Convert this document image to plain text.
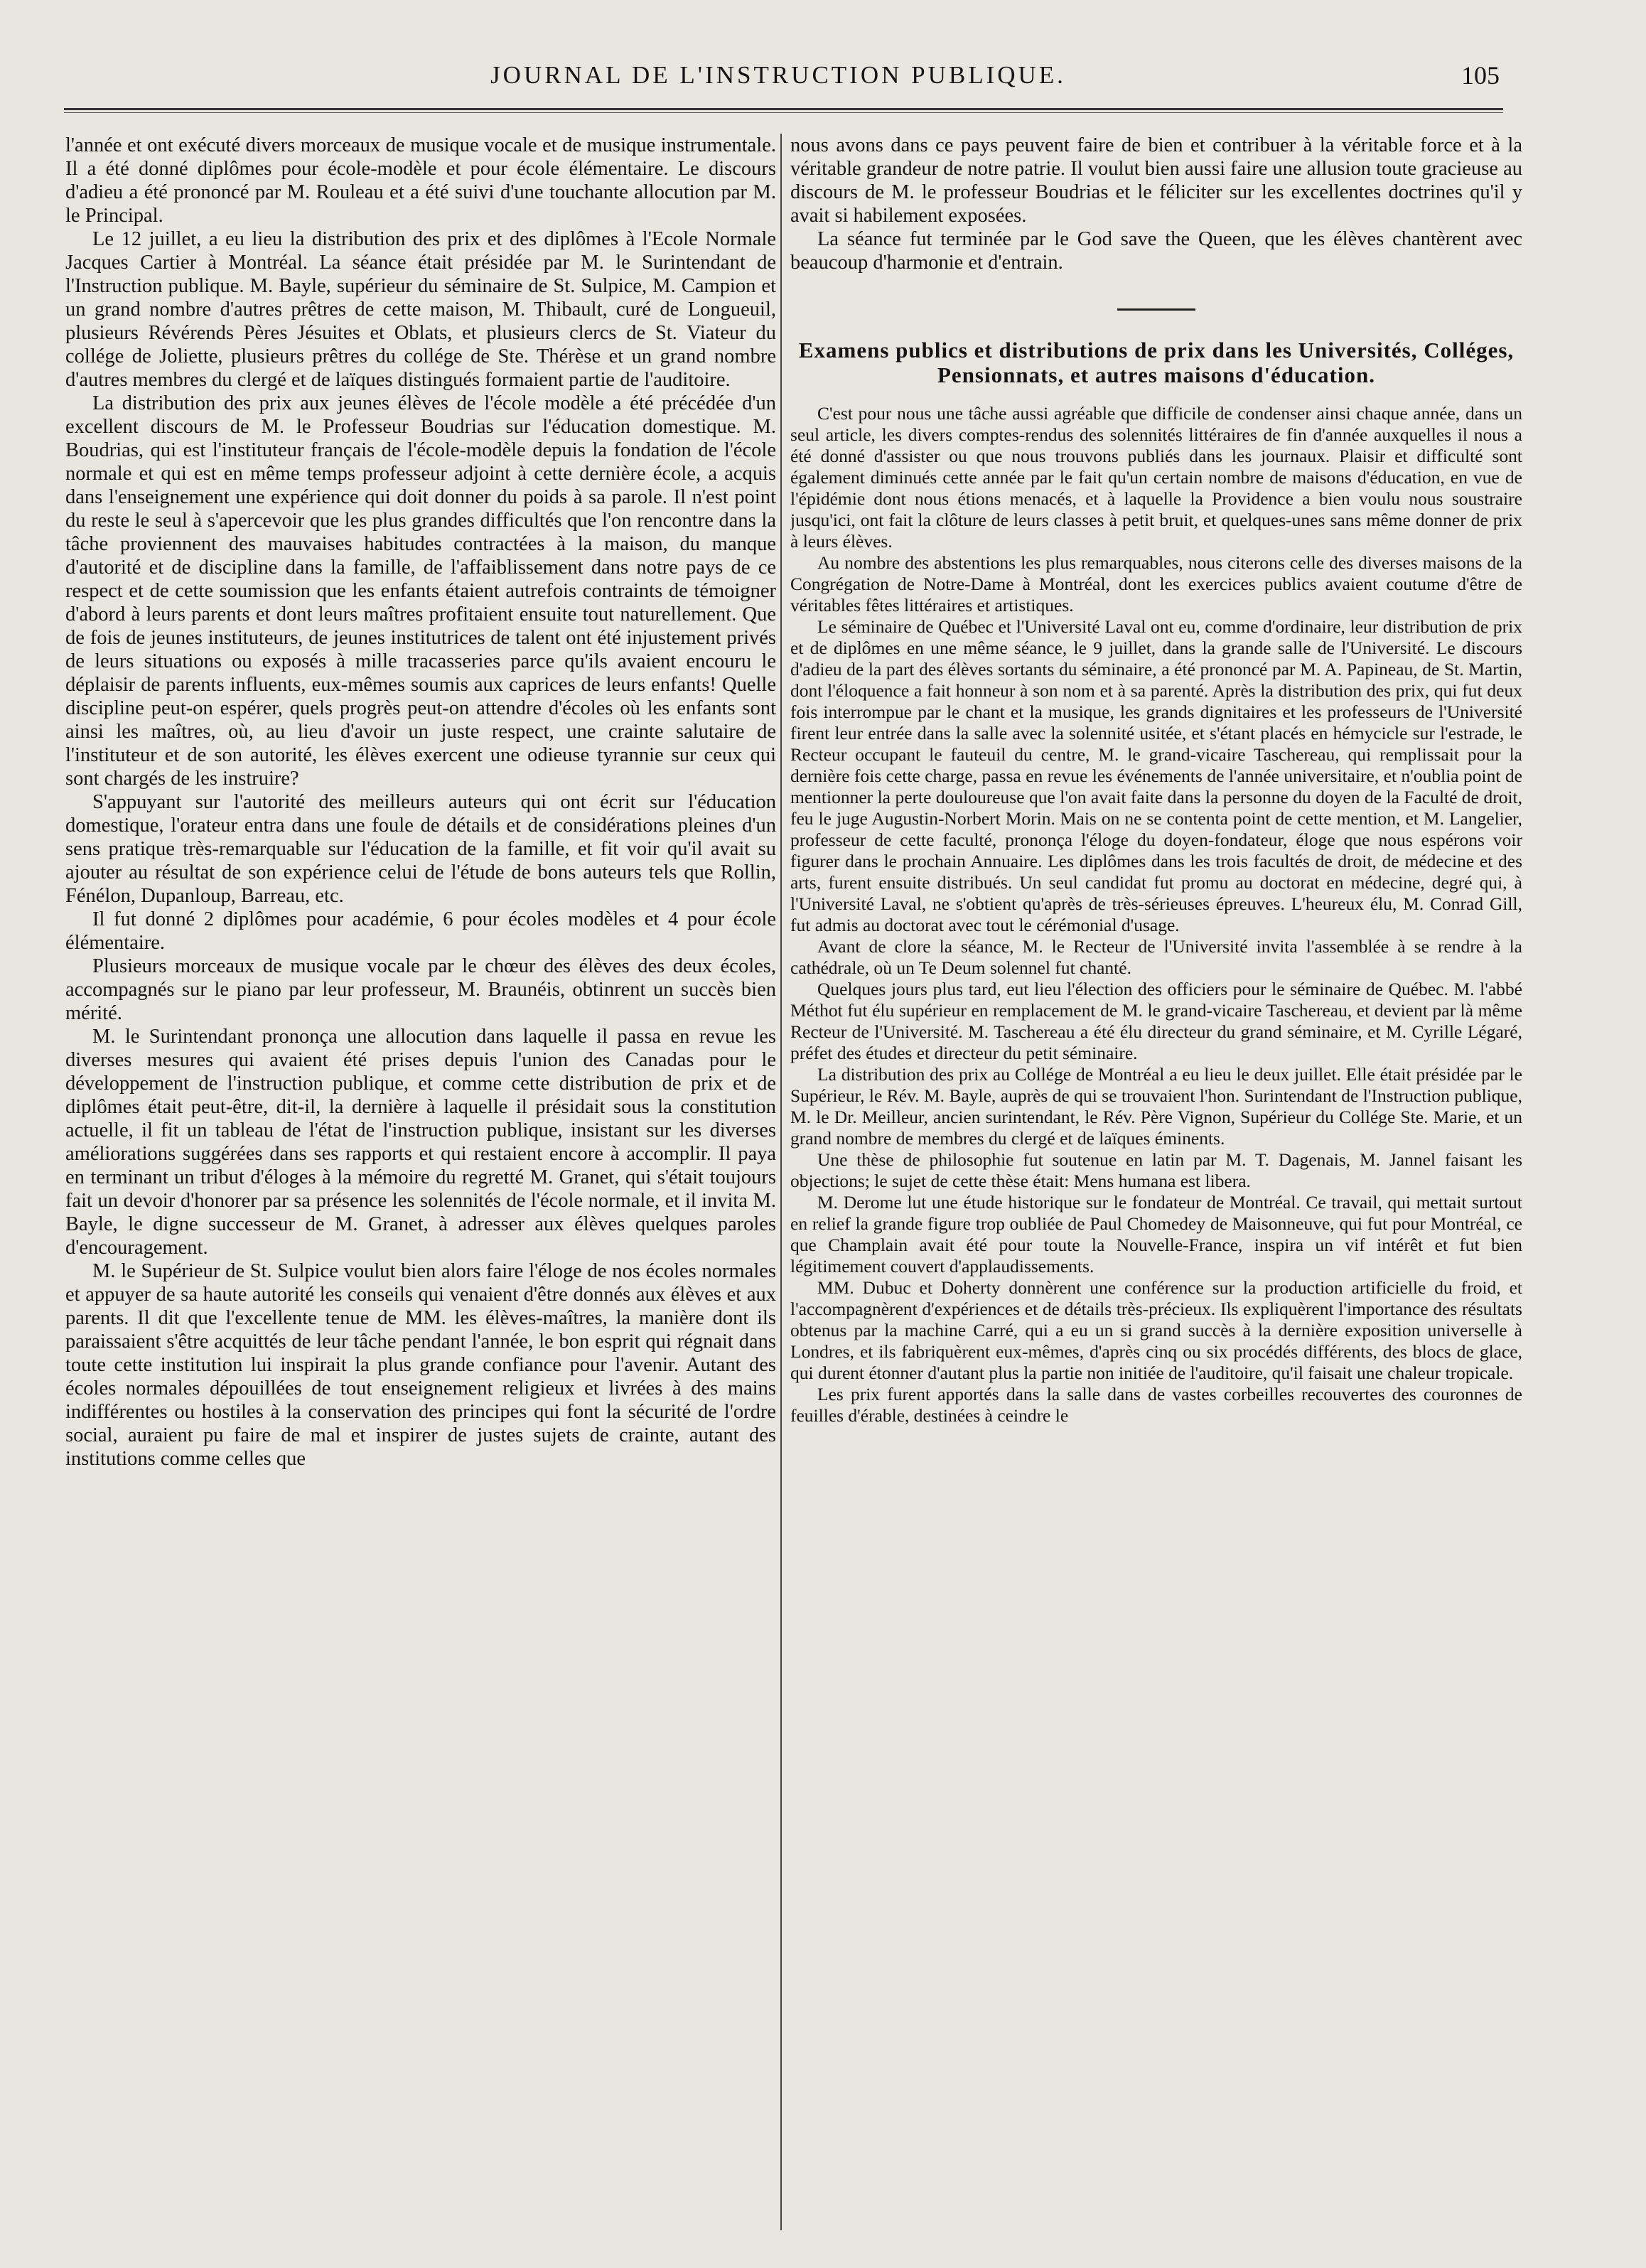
JOURNAL DE L'INSTRUCTION PUBLIQUE.	105

l'année et ont exécuté divers morceaux de musique vocale et de musique instrumentale. Il a été donné diplômes pour école-modèle et pour école élémentaire. Le discours d'adieu a été prononcé par M. Rouleau et a été suivi d'une touchante allocution par M. le Principal.

Le 12 juillet, a eu lieu la distribution des prix et des diplômes à l'Ecole Normale Jacques Cartier à Montréal. La séance était présidée par M. le Surintendant de l'Instruction publique. M. Bayle, supérieur du séminaire de St. Sulpice, M. Campion et un grand nombre d'autres prêtres de cette maison, M. Thibault, curé de Longueuil, plusieurs Révérends Pères Jésuites et Oblats, et plusieurs clercs de St. Viateur du collége de Joliette, plusieurs prêtres du collége de Ste. Thérèse et un grand nombre d'autres membres du clergé et de laïques distingués formaient partie de l'auditoire.

La distribution des prix aux jeunes élèves de l'école modèle a été précédée d'un excellent discours de M. le Professeur Boudrias sur l'éducation domestique. M. Boudrias, qui est l'instituteur français de l'école-modèle depuis la fondation de l'école normale et qui est en même temps professeur adjoint à cette dernière école, a acquis dans l'enseignement une expérience qui doit donner du poids à sa parole. Il n'est point du reste le seul à s'apercevoir que les plus grandes difficultés que l'on rencontre dans la tâche proviennent des mauvaises habitudes contractées à la maison, du manque d'autorité et de discipline dans la famille, de l'affaiblissement dans notre pays de ce respect et de cette soumission que les enfants étaient autrefois contraints de témoigner d'abord à leurs parents et dont leurs maîtres profitaient ensuite tout naturellement. Que de fois de jeunes instituteurs, de jeunes institutrices de talent ont été injustement privés de leurs situations ou exposés à mille tracasseries parce qu'ils avaient encouru le déplaisir de parents influents, eux-mêmes soumis aux caprices de leurs enfants! Quelle discipline peut-on espérer, quels progrès peut-on attendre d'écoles où les enfants sont ainsi les maîtres, où, au lieu d'avoir un juste respect, une crainte salutaire de l'instituteur et de son autorité, les élèves exercent une odieuse tyrannie sur ceux qui sont chargés de les instruire?

S'appuyant sur l'autorité des meilleurs auteurs qui ont écrit sur l'éducation domestique, l'orateur entra dans une foule de détails et de considérations pleines d'un sens pratique très-remarquable sur l'éducation de la famille, et fit voir qu'il avait su ajouter au résultat de son expérience celui de l'étude de bons auteurs tels que Rollin, Fénélon, Dupanloup, Barreau, etc.

Il fut donné 2 diplômes pour académie, 6 pour écoles modèles et 4 pour école élémentaire.

Plusieurs morceaux de musique vocale par le chœur des élèves des deux écoles, accompagnés sur le piano par leur professeur, M. Braunéis, obtinrent un succès bien mérité.

M. le Surintendant prononça une allocution dans laquelle il passa en revue les diverses mesures qui avaient été prises depuis l'union des Canadas pour le développement de l'instruction publique, et comme cette distribution de prix et de diplômes était peut-être, dit-il, la dernière à laquelle il présidait sous la constitution actuelle, il fit un tableau de l'état de l'instruction publique, insistant sur les diverses améliorations suggérées dans ses rapports et qui restaient encore à accomplir. Il paya en terminant un tribut d'éloges à la mémoire du regretté M. Granet, qui s'était toujours fait un devoir d'honorer par sa présence les solennités de l'école normale, et il invita M. Bayle, le digne successeur de M. Granet, à adresser aux élèves quelques paroles d'encouragement.

M. le Supérieur de St. Sulpice voulut bien alors faire l'éloge de nos écoles normales et appuyer de sa haute autorité les conseils qui venaient d'être donnés aux élèves et aux parents. Il dit que l'excellente tenue de MM. les élèves-maîtres, la manière dont ils paraissaient s'être acquittés de leur tâche pendant l'année, le bon esprit qui régnait dans toute cette institution lui inspirait la plus grande confiance pour l'avenir. Autant des écoles normales dépouillées de tout enseignement religieux et livrées à des mains indifférentes ou hostiles à la conservation des principes qui font la sécurité de l'ordre social, auraient pu faire de mal et inspirer de justes sujets de crainte, autant des institutions comme celles que

nous avons dans ce pays peuvent faire de bien et contribuer à la véritable force et à la véritable grandeur de notre patrie. Il voulut bien aussi faire une allusion toute gracieuse au discours de M. le professeur Boudrias et le féliciter sur les excellentes doctrines qu'il y avait si habilement exposées.

La séance fut terminée par le God save the Queen, que les élèves chantèrent avec beaucoup d'harmonie et d'entrain.

Examens publics et distributions de prix dans les Universités, Colléges, Pensionnats, et autres maisons d'éducation.

C'est pour nous une tâche aussi agréable que difficile de condenser ainsi chaque année, dans un seul article, les divers comptes-rendus des solennités littéraires de fin d'année auxquelles il nous a été donné d'assister ou que nous trouvons publiés dans les journaux. Plaisir et difficulté sont également diminués cette année par le fait qu'un certain nombre de maisons d'éducation, en vue de l'épidémie dont nous étions menacés, et à laquelle la Providence a bien voulu nous soustraire jusqu'ici, ont fait la clôture de leurs classes à petit bruit, et quelques-unes sans même donner de prix à leurs élèves.

Au nombre des abstentions les plus remarquables, nous citerons celle des diverses maisons de la Congrégation de Notre-Dame à Montréal, dont les exercices publics avaient coutume d'être de véritables fêtes littéraires et artistiques.

Le séminaire de Québec et l'Université Laval ont eu, comme d'ordinaire, leur distribution de prix et de diplômes en une même séance, le 9 juillet, dans la grande salle de l'Université. Le discours d'adieu de la part des élèves sortants du séminaire, a été prononcé par M. A. Papineau, de St. Martin, dont l'éloquence a fait honneur à son nom et à sa parenté. Après la distribution des prix, qui fut deux fois interrompue par le chant et la musique, les grands dignitaires et les professeurs de l'Université firent leur entrée dans la salle avec la solennité usitée, et s'étant placés en hémycicle sur l'estrade, le Recteur occupant le fauteuil du centre, M. le grand-vicaire Taschereau, qui remplissait pour la dernière fois cette charge, passa en revue les événements de l'année universitaire, et n'oublia point de mentionner la perte douloureuse que l'on avait faite dans la personne du doyen de la Faculté de droit, feu le juge Augustin-Norbert Morin. Mais on ne se contenta point de cette mention, et M. Langelier, professeur de cette faculté, prononça l'éloge du doyen-fondateur, éloge que nous espérons voir figurer dans le prochain Annuaire. Les diplômes dans les trois facultés de droit, de médecine et des arts, furent ensuite distribués. Un seul candidat fut promu au doctorat en médecine, degré qui, à l'Université Laval, ne s'obtient qu'après de très-sérieuses épreuves. L'heureux élu, M. Conrad Gill, fut admis au doctorat avec tout le cérémonial d'usage.

Avant de clore la séance, M. le Recteur de l'Université invita l'assemblée à se rendre à la cathédrale, où un Te Deum solennel fut chanté.

Quelques jours plus tard, eut lieu l'élection des officiers pour le séminaire de Québec. M. l'abbé Méthot fut élu supérieur en remplacement de M. le grand-vicaire Taschereau, et devient par là même Recteur de l'Université. M. Taschereau a été élu directeur du grand séminaire, et M. Cyrille Légaré, préfet des études et directeur du petit séminaire.

La distribution des prix au Collége de Montréal a eu lieu le deux juillet. Elle était présidée par le Supérieur, le Rév. M. Bayle, auprès de qui se trouvaient l'hon. Surintendant de l'Instruction publique, M. le Dr. Meilleur, ancien surintendant, le Rév. Père Vignon, Supérieur du Collége Ste. Marie, et un grand nombre de membres du clergé et de laïques éminents.

Une thèse de philosophie fut soutenue en latin par M. T. Dagenais, M. Jannel faisant les objections; le sujet de cette thèse était: Mens humana est libera.

M. Derome lut une étude historique sur le fondateur de Montréal. Ce travail, qui mettait surtout en relief la grande figure trop oubliée de Paul Chomedey de Maisonneuve, qui fut pour Montréal, ce que Champlain avait été pour toute la Nouvelle-France, inspira un vif intérêt et fut bien légitimement couvert d'applaudissements.

MM. Dubuc et Doherty donnèrent une conférence sur la production artificielle du froid, et l'accompagnèrent d'expériences et de détails très-précieux. Ils expliquèrent l'importance des résultats obtenus par la machine Carré, qui a eu un si grand succès à la dernière exposition universelle à Londres, et ils fabriquèrent eux-mêmes, d'après cinq ou six procédés différents, des blocs de glace, qui durent étonner d'autant plus la partie non initiée de l'auditoire, qu'il faisait une chaleur tropicale.

Les prix furent apportés dans la salle dans de vastes corbeilles recouvertes des couronnes de feuilles d'érable, destinées à ceindre le
